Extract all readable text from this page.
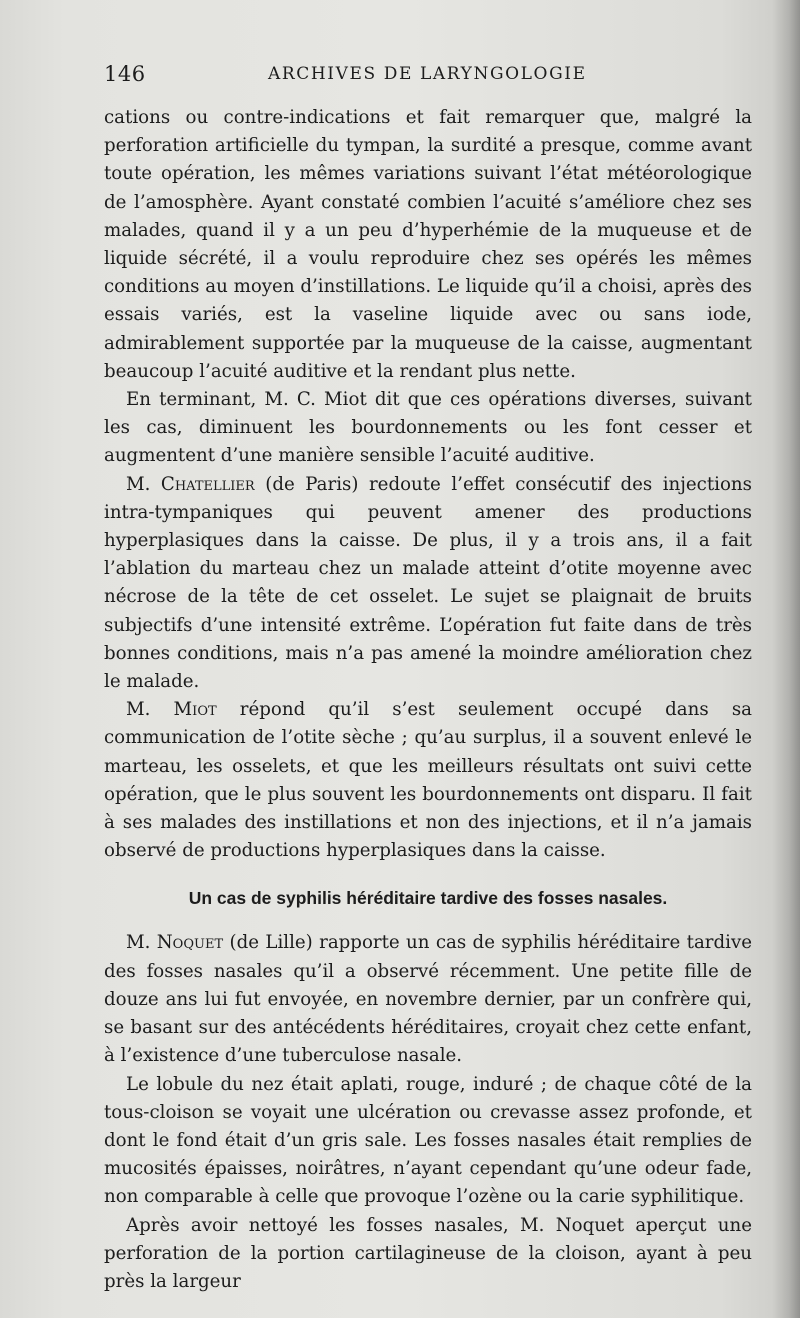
146	ARCHIVES DE LARYNGOLOGIE

cations ou contre-indications et fait remarquer que, malgré la perforation artificielle du tympan, la surdité a presque, comme avant toute opération, les mêmes variations suivant l’état météorologique de l’amosphère. Ayant constaté combien l’acuité s’améliore chez ses malades, quand il y a un peu d’hyperhémie de la muqueuse et de liquide sécrété, il a voulu reproduire chez ses opérés les mêmes conditions au moyen d’instillations. Le liquide qu’il a choisi, après des essais variés, est la vaseline liquide avec ou sans iode, admirablement supportée par la muqueuse de la caisse, augmentant beaucoup l’acuité auditive et la rendant plus nette.

En terminant, M. C. Miot dit que ces opérations diverses, suivant les cas, diminuent les bourdonnements ou les font cesser et augmentent d’une manière sensible l’acuité auditive.

M. Chatellier (de Paris) redoute l’effet consécutif des injections intra-tympaniques qui peuvent amener des productions hyperplasiques dans la caisse. De plus, il y a trois ans, il a fait l’ablation du marteau chez un malade atteint d’otite moyenne avec nécrose de la tête de cet osselet. Le sujet se plaignait de bruits subjectifs d’une intensité extrême. L’opération fut faite dans de très bonnes conditions, mais n’a pas amené la moindre amélioration chez le malade.

M. Miot répond qu’il s’est seulement occupé dans sa communication de l’otite sèche ; qu’au surplus, il a souvent enlevé le marteau, les osselets, et que les meilleurs résultats ont suivi cette opération, que le plus souvent les bourdonnements ont disparu. Il fait à ses malades des instillations et non des injections, et il n’a jamais observé de productions hyperplasiques dans la caisse.

Un cas de syphilis héréditaire tardive des fosses nasales.

M. Noquet (de Lille) rapporte un cas de syphilis héréditaire tardive des fosses nasales qu’il a observé récemment. Une petite fille de douze ans lui fut envoyée, en novembre dernier, par un confrère qui, se basant sur des antécédents héréditaires, croyait chez cette enfant, à l’existence d’une tuberculose nasale.

Le lobule du nez était aplati, rouge, induré ; de chaque côté de la tous-cloison se voyait une ulcération ou crevasse assez profonde, et dont le fond était d’un gris sale. Les fosses nasales était remplies de mucosités épaisses, noirâtres, n’ayant cependant qu’une odeur fade, non comparable à celle que provoque l’ozène ou la carie syphilitique.

Après avoir nettoyé les fosses nasales, M. Noquet aperçut une perforation de la portion cartilagineuse de la cloison, ayant à peu près la largeur
